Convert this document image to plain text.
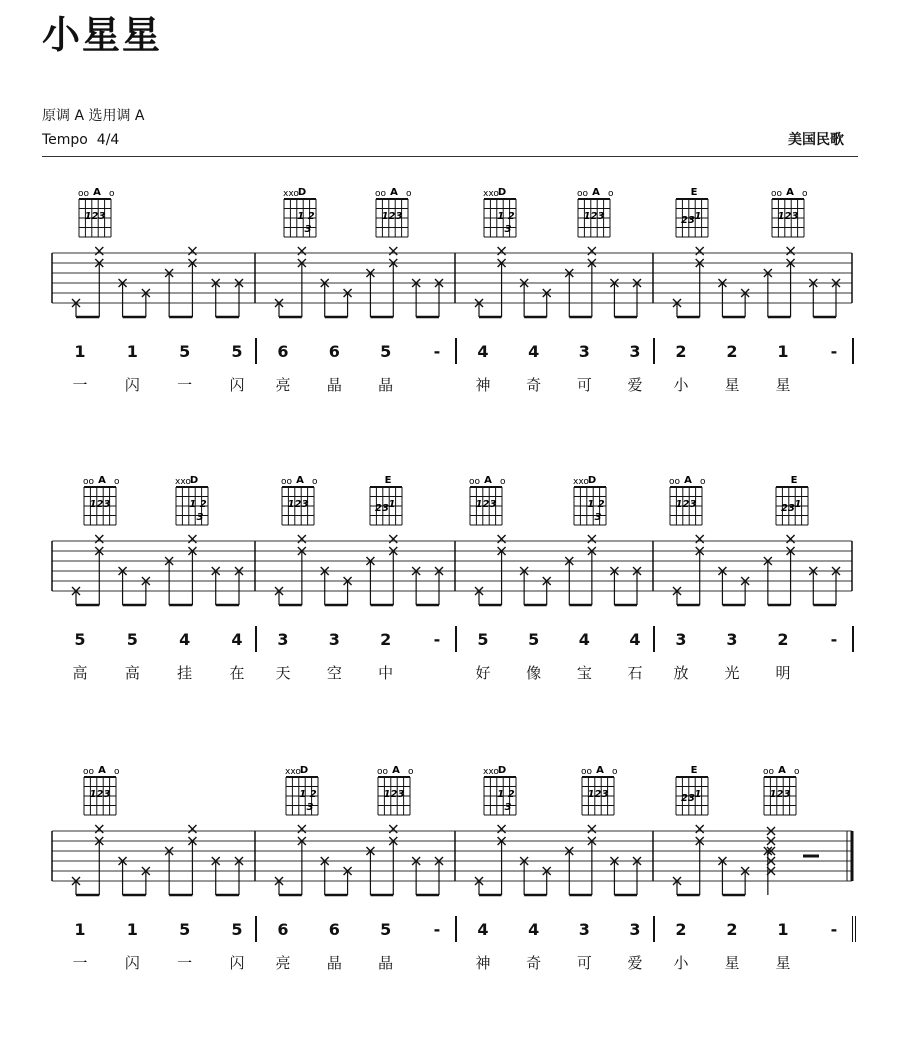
小星星
原调 A 选用调 A
Tempo 4/4	美国民歌
A
oo o
123
D
xxo
1 2
3
A
oo o
123
D
xxo
1 2
3
A
oo o
123
E
1
23
A
oo o
123
1	1	5	5	6	6	5	-	4	4	3	3	2	2	1	-
一	闪	一	闪	亮	晶	晶	神	奇	可	爱	小	星	星
A
oo o
123
D
xxo
1 2
3
A
oo o
123
E
1
23
A
oo o
123
D
xxo
1 2
3
A
oo o
123
E
1
23
5	5	4	4	3	3	2	-	5	5	4	4	3	3	2	-
高	高	挂	在	天	空	中	好	像	宝	石	放	光	明
A
oo o
123
D
xxo
1 2
3
A
oo o
123
D
xxo
1 2
3
A
oo o
123
E
1
23
A
oo o
123
1	1	5	5	6	6	5	-	4	4	3	3	2	2	1	-
一	闪	一	闪	亮	晶	晶	神	奇	可	爱	小	星	星
